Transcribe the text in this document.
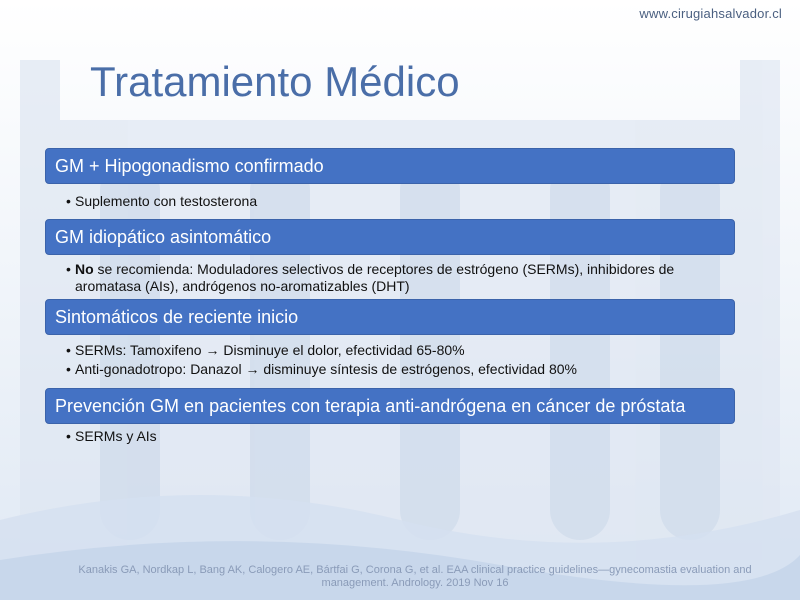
www.cirugiahsalvador.cl
Tratamiento Médico
GM + Hipogonadismo confirmado
• Suplemento con testosterona
GM idiopático asintomático
• No se recomienda: Moduladores selectivos de receptores de estrógeno (SERMs), inhibidores de aromatasa (AIs), andrógenos no-aromatizables (DHT)
Sintomáticos de reciente inicio
• SERMs: Tamoxifeno → Disminuye el dolor, efectividad 65-80%
• Anti-gonadotropo: Danazol → disminuye síntesis de estrógenos, efectividad 80%
Prevención GM en pacientes con terapia anti-andrógena en cáncer de próstata
• SERMs y AIs
Kanakis GA, Nordkap L, Bang AK, Calogero AE, Bártfai G, Corona G, et al. EAA clinical practice guidelines—gynecomastia evaluation and management. Andrology. 2019 Nov 16
